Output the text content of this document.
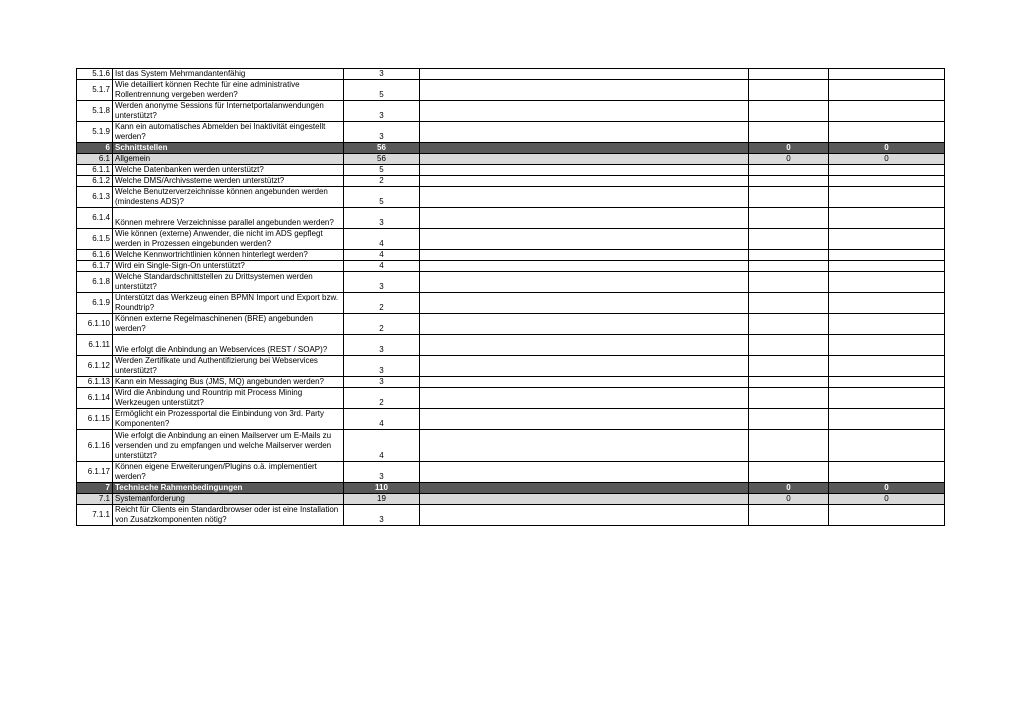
5.1.6	Ist das System Mehrmandantenfähig	3			
5.1.7	Wie detailliert können Rechte für eine administrative Rollentrennung vergeben werden?	5			
5.1.8	Werden anonyme Sessions für Internetportalanwendungen unterstützt?	3			
5.1.9	Kann ein automatisches Abmelden bei Inaktivität eingestellt werden?	3			
6	Schnittstellen	56		0	0
6.1	Allgemein	56		0	0
6.1.1	Welche Datenbanken werden unterstützt?	5			
6.1.2	Welche DMS/Archivssteme werden unterstützt?	2			
6.1.3	Welche Benutzerverzeichnisse können angebunden werden (mindestens ADS)?	5			
6.1.4	Können mehrere Verzeichnisse parallel angebunden werden?	3			
6.1.5	Wie können (externe) Anwender, die nicht im ADS gepflegt werden in Prozessen eingebunden werden?	4			
6.1.6	Welche Kennwortrichtlinien können hinterlegt werden?	4			
6.1.7	Wird ein Single-Sign-On unterstützt?	4			
6.1.8	Welche Standardschnittstellen zu Drittsystemen werden unterstützt?	3			
6.1.9	Unterstützt das Werkzeug einen BPMN Import und Export bzw. Roundtrip?	2			
6.1.10	Können externe Regelmaschinenen (BRE) angebunden werden?	2			
6.1.11	Wie erfolgt die Anbindung an Webservices (REST / SOAP)?	3			
6.1.12	Werden Zertifikate und Authentifizierung bei Webservices unterstützt?	3			
6.1.13	Kann ein Messaging Bus (JMS, MQ) angebunden werden?	3			
6.1.14	Wird die Anbindung und Rountrip mit Process Mining Werkzeugen unterstützt?	2			
6.1.15	Ermöglicht ein Prozessportal die Einbindung von 3rd. Party Komponenten?	4			
6.1.16	Wie erfolgt die Anbindung an einen Mailserver um E-Mails zu versenden und zu empfangen und welche Mailserver werden unterstützt?	4			
6.1.17	Können eigene Erweiterungen/Plugins o.ä. implementiert werden?	3			
7	Technische Rahmenbedingungen	110		0	0
7.1	Systemanforderung	19		0	0
7.1.1	Reicht für Clients ein Standardbrowser oder ist eine Installation von Zusatzkomponenten nötig?	3			
